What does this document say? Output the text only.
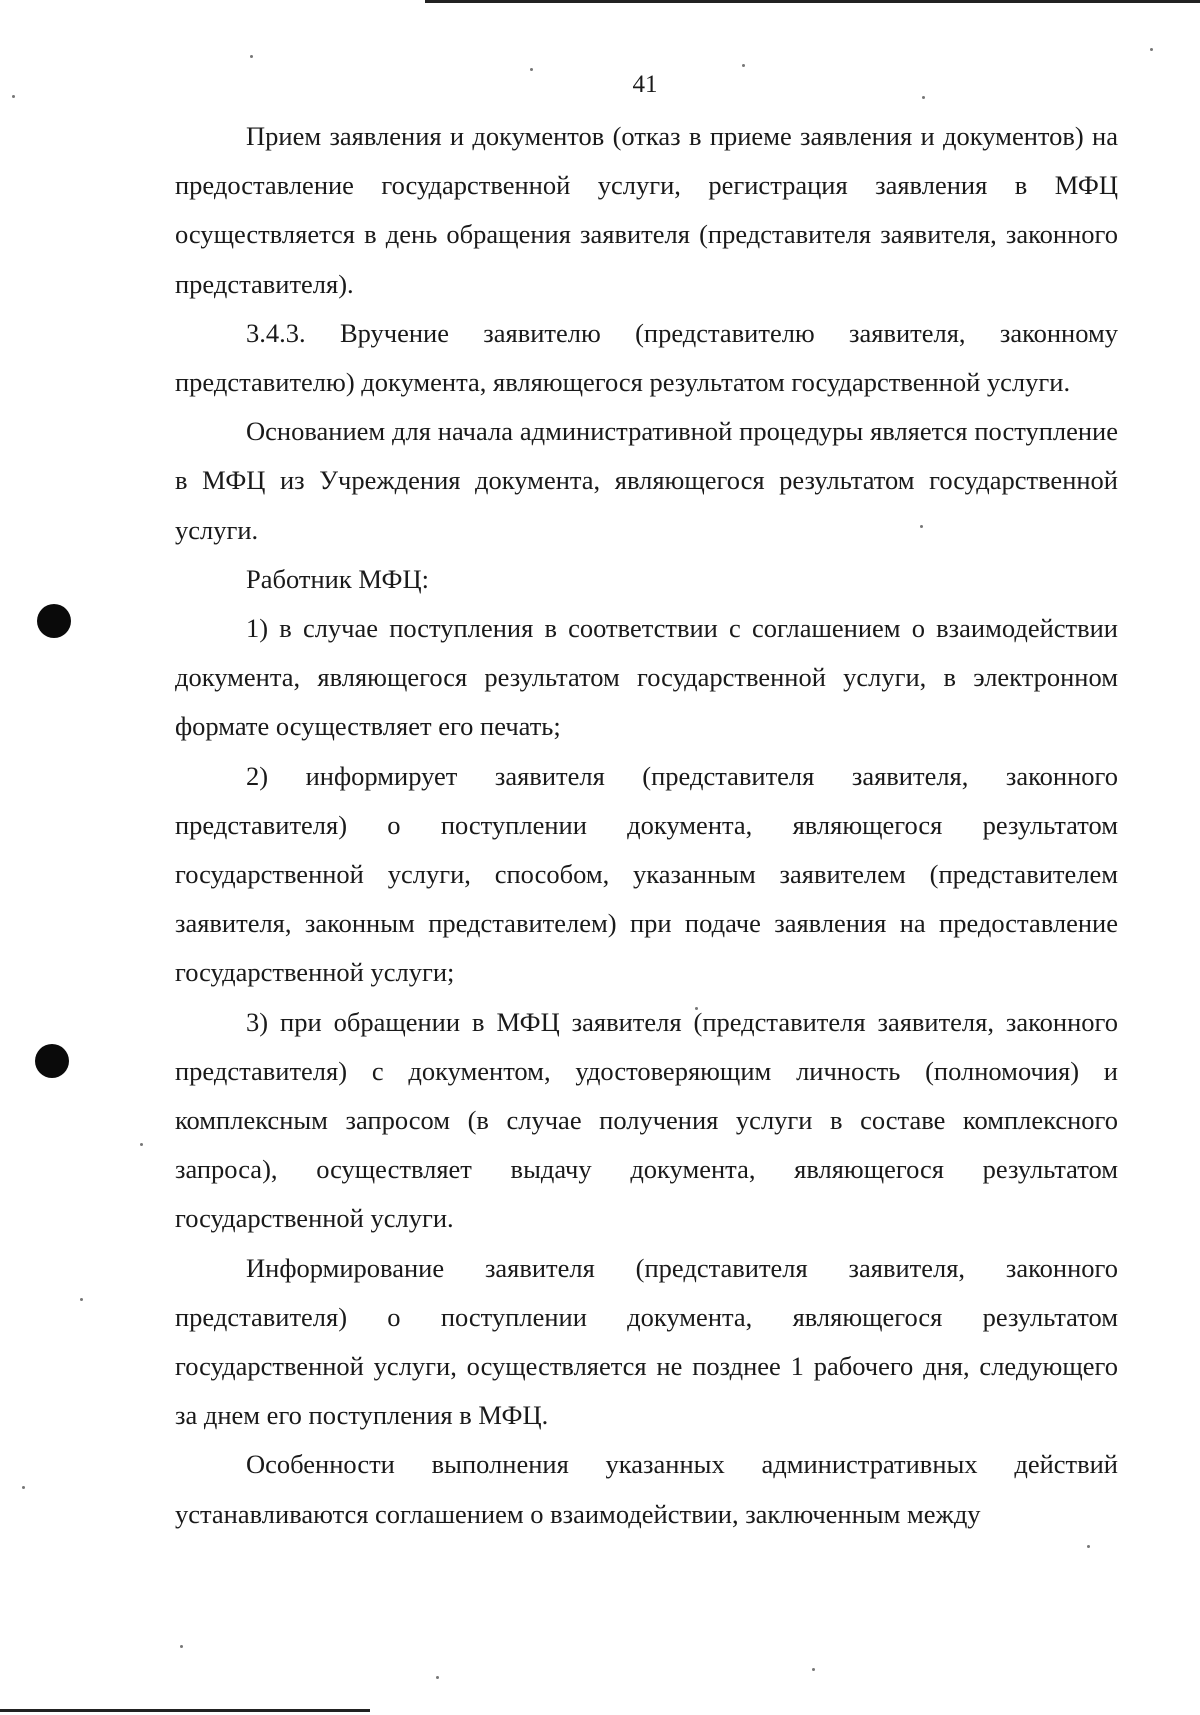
41

Прием заявления и документов (отказ в приеме заявления и документов) на предоставление государственной услуги, регистрация заявления в МФЦ осуществляется в день обращения заявителя (представителя заявителя, законного представителя).

3.4.3. Вручение заявителю (представителю заявителя, законному представителю) документа, являющегося результатом государственной услуги.

Основанием для начала административной процедуры является поступление в МФЦ из Учреждения документа, являющегося результатом государственной услуги.

Работник МФЦ:

1) в случае поступления в соответствии с соглашением о взаимодействии документа, являющегося результатом государственной услуги, в электронном формате осуществляет его печать;

2) информирует заявителя (представителя заявителя, законного представителя) о поступлении документа, являющегося результатом государственной услуги, способом, указанным заявителем (представителем заявителя, законным представителем) при подаче заявления на предоставление государственной услуги;

3) при обращении в МФЦ заявителя (представителя заявителя, законного представителя) с документом, удостоверяющим личность (полномочия) и комплексным запросом (в случае получения услуги в составе комплексного запроса), осуществляет выдачу документа, являющегося результатом государственной услуги.

Информирование заявителя (представителя заявителя, законного представителя) о поступлении документа, являющегося результатом государственной услуги, осуществляется не позднее 1 рабочего дня, следующего за днем его поступления в МФЦ.

Особенности выполнения указанных административных действий устанавливаются соглашением о взаимодействии, заключенным между
